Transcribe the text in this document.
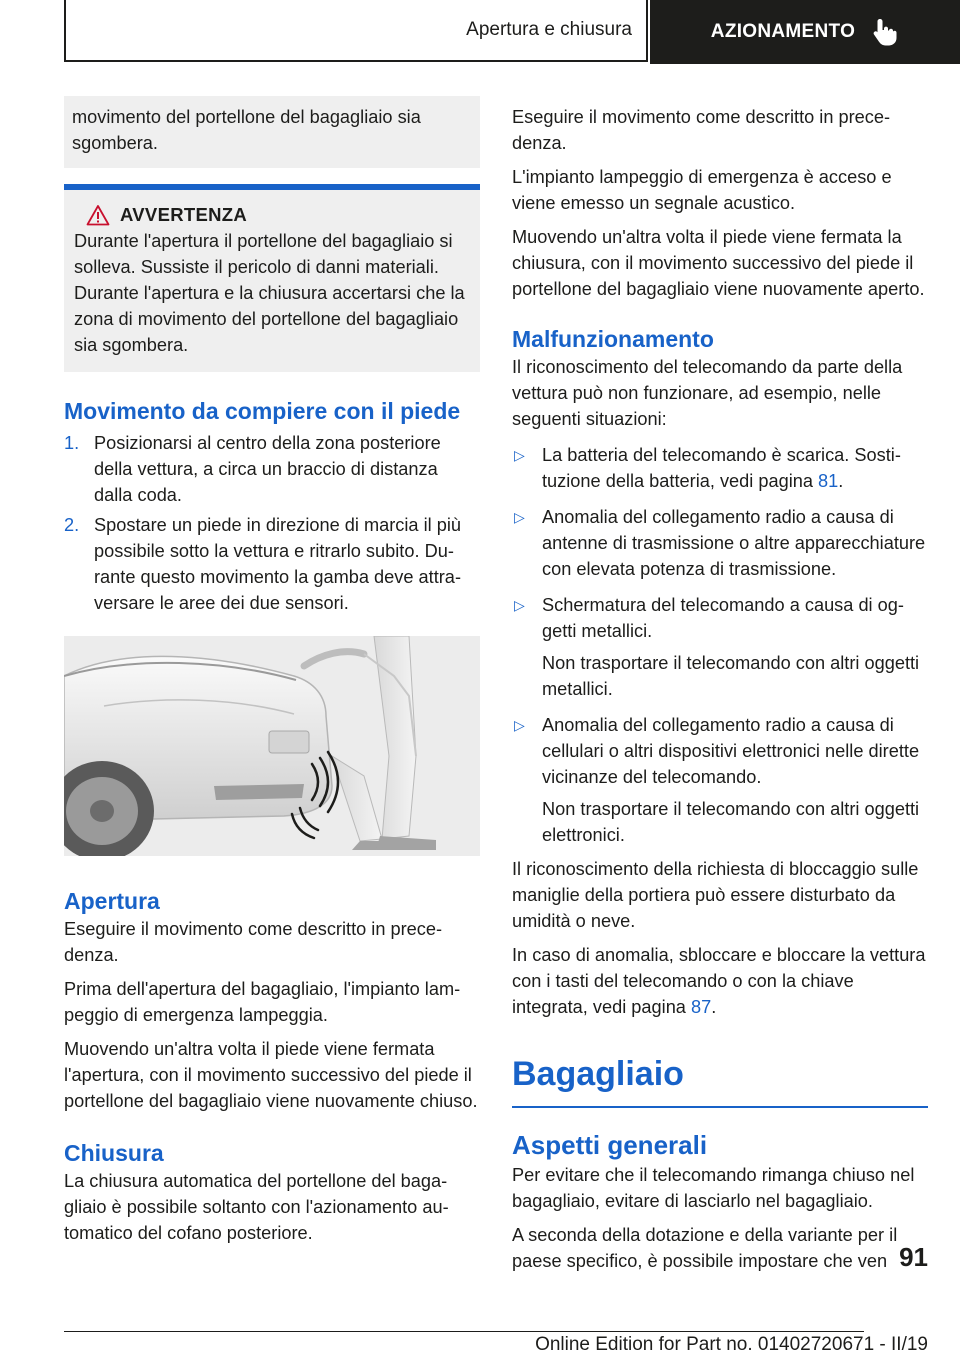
Apertura e chiusura	AZIONAMENTO

movimento del portellone del bagagliaio sia sgombera.

AVVERTENZA

Durante l'apertura il portellone del bagagliaio si solleva. Sussiste il pericolo di danni materiali. Durante l'apertura e la chiusura accertarsi che la zona di movimento del portellone del bagagliaio sia sgombera.

Movimento da compiere con il piede
1. Posizionarsi al centro della zona posteriore della vettura, a circa un braccio di distanza dalla coda.
2. Spostare un piede in direzione di marcia il più possibile sotto la vettura e ritrarlo subito. Durante questo movimento la gamba deve attraversare le aree dei due sensori.
Apertura

Eseguire il movimento come descritto in precedenza.

Prima dell'apertura del bagagliaio, l'impianto lampeggio di emergenza lampeggia.

Muovendo un'altra volta il piede viene fermata l'apertura, con il movimento successivo del piede il portellone del bagagliaio viene nuovamente chiuso.

Chiusura

La chiusura automatica del portellone del bagagliaio è possibile soltanto con l'azionamento automatico del cofano posteriore.

Eseguire il movimento come descritto in precedenza.

L'impianto lampeggio di emergenza è acceso e viene emesso un segnale acustico.

Muovendo un'altra volta il piede viene fermata la chiusura, con il movimento successivo del piede il portellone del bagagliaio viene nuovamente aperto.

Malfunzionamento

Il riconoscimento del telecomando da parte della vettura può non funzionare, ad esempio, nelle seguenti situazioni:

▷ La batteria del telecomando è scarica. Sostituzione della batteria, vedi pagina 81.

▷ Anomalia del collegamento radio a causa di antenne di trasmissione o altre apparecchiature con elevata potenza di trasmissione.

▷ Schermatura del telecomando a causa di oggetti metallici.

Non trasportare il telecomando con altri oggetti metallici.

▷ Anomalia del collegamento radio a causa di cellulari o altri dispositivi elettronici nelle dirette vicinanze del telecomando.

Non trasportare il telecomando con altri oggetti elettronici.

Il riconoscimento della richiesta di bloccaggio sulle maniglie della portiera può essere disturbato da umidità o neve.

In caso di anomalia, sbloccare e bloccare la vettura con i tasti del telecomando o con la chiave integrata, vedi pagina 87.

Bagagliaio
Aspetti generali

Per evitare che il telecomando rimanga chiuso nel bagagliaio, evitare di lasciarlo nel bagagliaio.

A seconda della dotazione e della variante per il paese specifico, è possibile impostare che ven 91
Online Edition for Part no. 01402720671 - II/19
